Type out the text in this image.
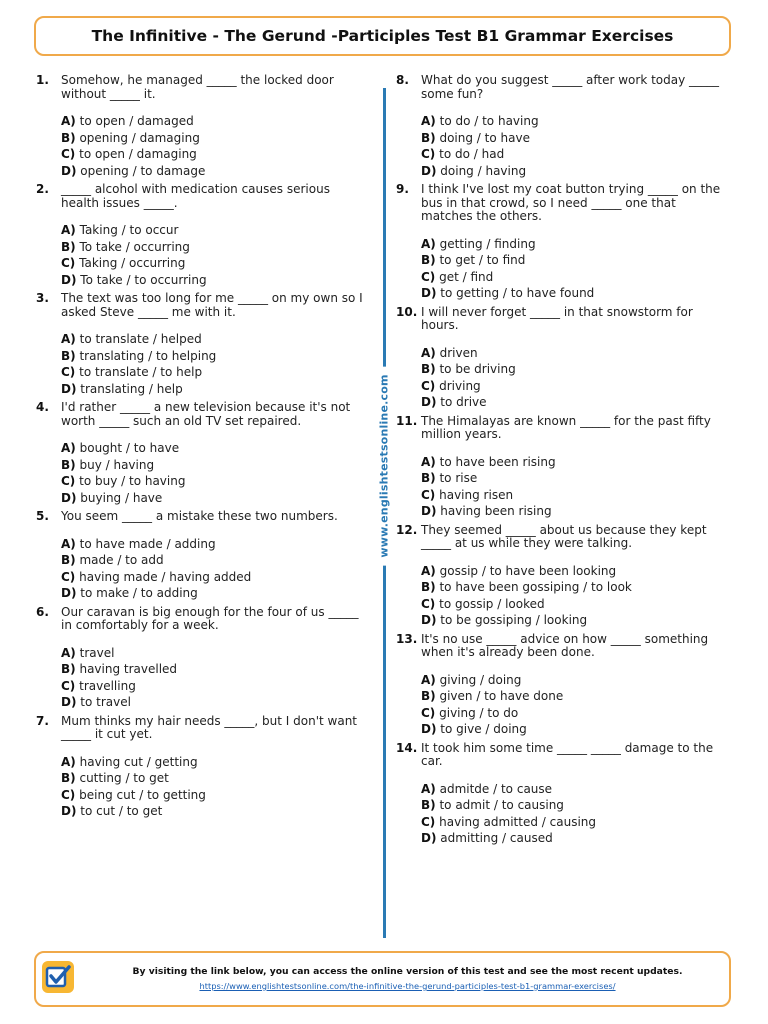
The Infinitive - The Gerund -Participles Test B1 Grammar Exercises
1.	Somehow, he managed _____ the locked door without _____ it.
A) to open / damaged
B) opening / damaging
C) to open / damaging
D) opening / to damage
2.	_____ alcohol with medication causes serious health issues _____.
A) Taking / to occur
B) To take / occurring
C) Taking / occurring
D) To take / to occurring
3.	The text was too long for me _____ on my own so I asked Steve _____ me with it.
A) to translate / helped
B) translating / to helping
C) to translate / to help
D) translating / help
4.	I'd rather _____ a new television because it's not worth _____ such an old TV set repaired.
A) bought / to have
B) buy / having
C) to buy / to having
D) buying / have
5.	You seem _____ a mistake these two numbers.
A) to have made / adding
B) made / to add
C) having made / having added
D) to make / to adding
6.	Our caravan is big enough for the four of us _____ in comfortably for a week.
A) travel
B) having travelled
C) travelling
D) to travel
7.	Mum thinks my hair needs _____, but I don't want _____ it cut yet.
A) having cut / getting
B) cutting / to get
C) being cut / to getting
D) to cut / to get
www.englishtestsonline.com
8.	What do you suggest _____ after work today _____ some fun?
A) to do / to having
B) doing / to have
C) to do / had
D) doing / having
9.	I think I've lost my coat button trying _____ on the bus in that crowd, so I need _____ one that matches the others.
A) getting / finding
B) to get / to find
C) get / find
D) to getting / to have found
10. I will never forget _____ in that snowstorm for hours.
A) driven
B) to be driving
C) driving
D) to drive
11. The Himalayas are known _____ for the past fifty million years.
A) to have been rising
B) to rise
C) having risen
D) having been rising
12. They seemed _____ about us because they kept _____ at us while they were talking.
A) gossip / to have been looking
B) to have been gossiping / to look
C) to gossip / looked
D) to be gossiping / looking
13. It's no use _____ advice on how _____ something when it's already been done.
A) giving / doing
B) given / to have done
C) giving / to do
D) to give / doing
14. It took him some time _____ _____ damage to the car.
A) admitde / to cause
B) to admit / to causing
C) having admitted / causing
D) admitting / caused
By visiting the link below, you can access the online version of this test and see the most recent updates.
https://www.englishtestsonline.com/the-infinitive-the-gerund-participles-test-b1-grammar-exercises/
